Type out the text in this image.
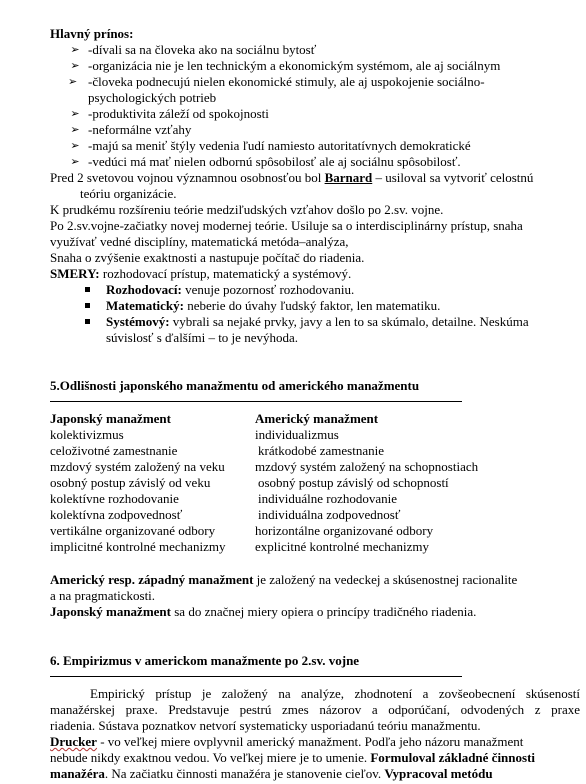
Hlavný prínos:
➢ -dívali sa na človeka ako na sociálnu bytosť
➢ -organizácia nie je len technickým a ekonomickým systémom, ale aj sociálnym
➢ -človeka podnecujú nielen ekonomické stimuly, ale aj uspokojenie sociálno-
psychologických potrieb
➢ -produktivita záleží od spokojnosti
➢ -neformálne vzťahy
➢ -majú sa meniť štýly vedenia ľudí namiesto autoritatívnych demokratické
➢ -vedúci má mať nielen odbornú spôsobilosť ale aj sociálnu spôsobilosť.
Pred 2 svetovou vojnou významnou osobnosťou bol Barnard – usiloval sa vytvoriť celostnú
teóriu organizácie.
K prudkému rozšíreniu teórie medziľudských vzťahov došlo po 2.sv. vojne.
Po 2.sv.vojne-začiatky novej modernej teórie. Usiluje sa o interdisciplinárny prístup, snaha
využívať vedné disciplíny, matematická metóda–analýza,
Snaha o zvýšenie exaktnosti a nastupuje počítač do riadenia.
SMERY: rozhodovací prístup, matematický a systémový.
Rozhodovací: venuje pozornosť rozhodovaniu.
Matematický: neberie do úvahy ľudský faktor, len matematiku.
Systémový: vybrali sa nejaké prvky, javy a len to sa skúmalo, detailne. Neskúma
súvislosť s ďalšími – to je nevýhoda.
5.Odlišnosti japonského manažmentu od amerického manažmentu
Japonský manažment	Americký manažment
kolektivizmus	individualizmus
celoživotné zamestnanie	krátkodobé zamestnanie
mzdový systém založený na veku	mzdový systém založený na schopnostiach
osobný postup závislý od veku	osobný postup závislý od schopností
kolektívne rozhodovanie	individuálne rozhodovanie
kolektívna zodpovednosť	individuálna zodpovednosť
vertikálne organizované odbory	horizontálne organizované odbory
implicitné kontrolné mechanizmy	explicitné kontrolné mechanizmy
Americký resp. západný manažment je založený na vedeckej a skúsenostnej racionalite
a na pragmatickosti.
Japonský manažment sa do značnej miery opiera o princípy tradičného riadenia.
6. Empirizmus v americkom manažmente po 2.sv. vojne
Empirický prístup je založený na analýze, zhodnotení a zovšeobecnení skúseností
manažérskej praxe. Predstavuje pestrú zmes názorov a odporúčaní, odvodených z praxe
riadenia. Sústava poznatkov netvorí systematicky usporiadanú teóriu manažmentu.
Drucker - vo veľkej miere ovplyvnil americký manažment. Podľa jeho názoru manažment
nebude nikdy exaktnou vedou. Vo veľkej miere je to umenie. Formuloval základné činnosti
manažéra. Na začiatku činnosti manažéra je stanovenie cieľov. Vypracoval metódu
